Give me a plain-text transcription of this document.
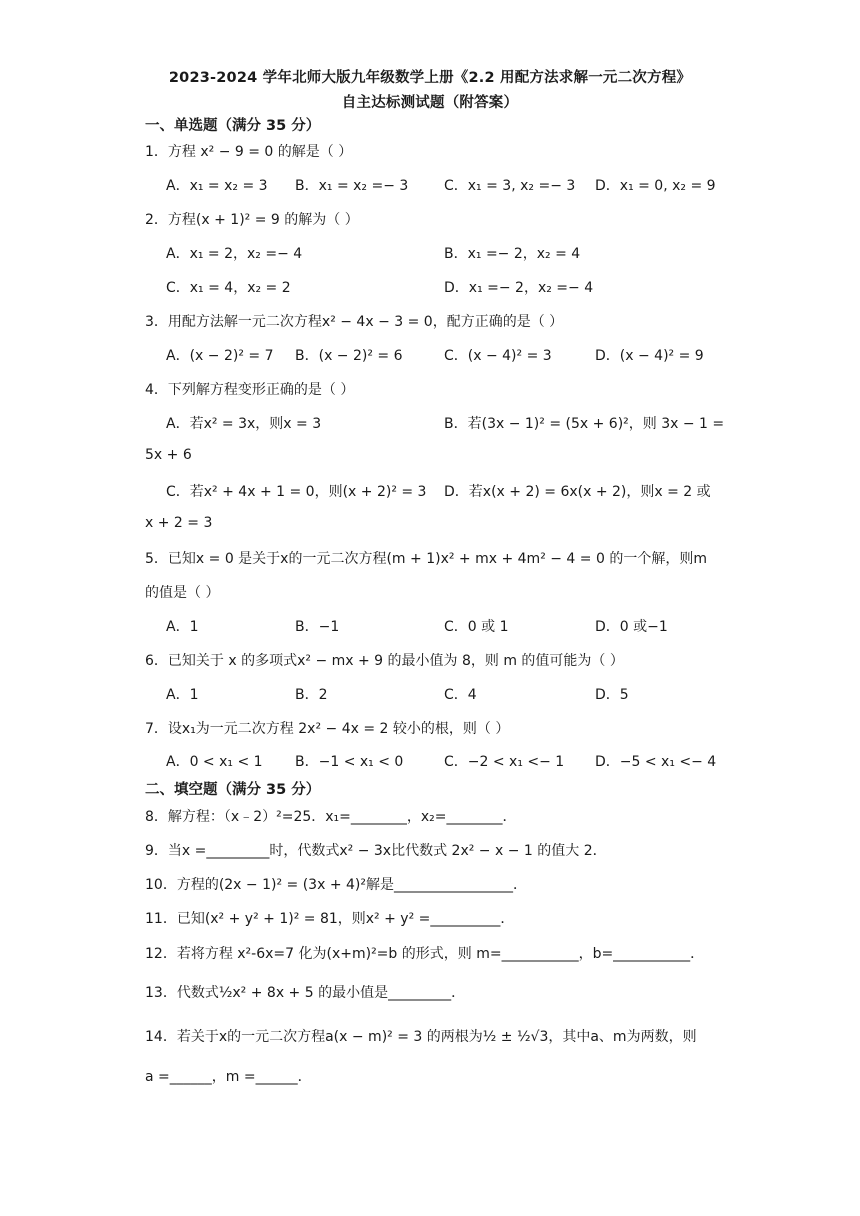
2023-2024 学年北师大版九年级数学上册《2.2 用配方法求解一元二次方程》
自主达标测试题（附答案）
一、单选题（满分 35 分）
1．方程 x² − 9 = 0 的解是（ ）
A．x₁ = x₂ = 3 B．x₁ = x₂ =− 3	C．x₁ = 3, x₂ =− 3 D．x₁ = 0, x₂ = 9
2．方程(x + 1)² = 9 的解为（ ）
A．x₁ = 2，x₂ =− 4	B．x₁ =− 2，x₂ = 4
C．x₁ = 4，x₂ = 2	D．x₁ =− 2，x₂ =− 4
3．用配方法解一元二次方程x² − 4x − 3 = 0，配方正确的是（ ）
A．(x − 2)² = 7 B．(x − 2)² = 6	C．(x − 4)² = 3	D．(x − 4)² = 9
4．下列解方程变形正确的是（ ）
A．若x² = 3x，则x = 3	B．若(3x − 1)² = (5x + 6)²，则 3x − 1 =
5x + 6
C．若x² + 4x + 1 = 0，则(x + 2)² = 3 D．若x(x + 2) = 6x(x + 2)，则x = 2 或
x + 2 = 3
5．已知x = 0 是关于x的一元二次方程(m + 1)x² + mx + 4m² − 4 = 0 的一个解，则m
的值是（ ）
A．1	B．−1	C．0 或 1	D．0 或−1
6．已知关于 x 的多项式x² − mx + 9 的最小值为 8，则 m 的值可能为（ ）
A．1	B．2	C．4	D．5
7．设x₁为一元二次方程 2x² − 4x = 2 较小的根，则（ ）
A．0 < x₁ < 1 B．−1 < x₁ < 0	C．−2 < x₁ <− 1 D．−5 < x₁ <− 4
二、填空题（满分 35 分）
8．解方程：（x﹣2）²=25．x₁=________，x₂=________．
9．当x =_________时，代数式x² − 3x比代数式 2x² − x − 1 的值大 2．
10．方程的(2x − 1)² = (3x + 4)²解是_________________．
11．已知(x² + y² + 1)² = 81，则x² + y² =__________．
12．若将方程 x²-6x=7 化为(x+m)²=b 的形式，则 m=___________，b=___________．
13．代数式½x² + 8x + 5 的最小值是_________．
14．若关于x的一元二次方程a(x − m)² = 3 的两根为½ ± ½√3，其中a、m为两数，则
a =______，m =______．
